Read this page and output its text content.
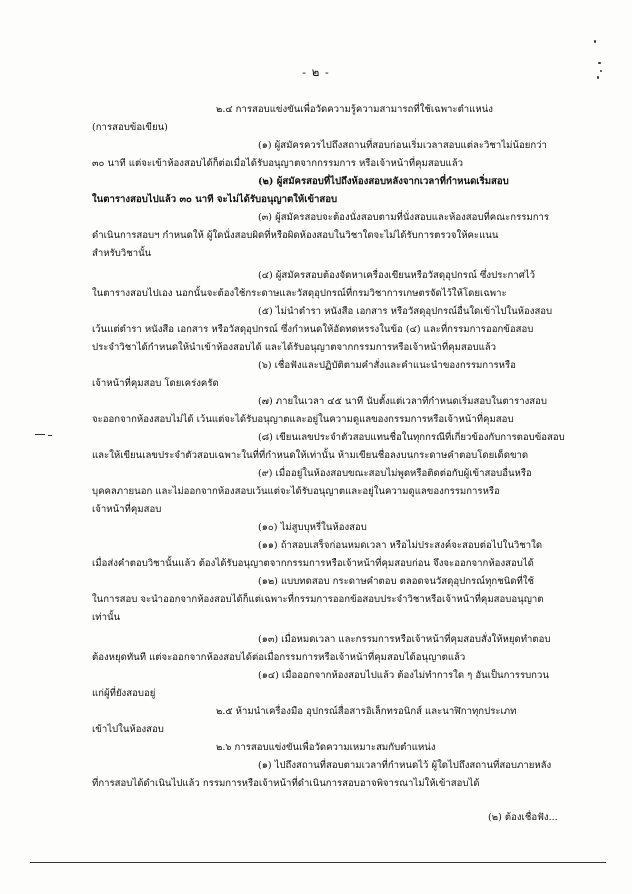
- ๒ -
๒.๔ การสอบแข่งขันเพื่อวัดความรู้ความสามารถที่ใช้เฉพาะตำแหน่ง
(การสอบข้อเขียน)
(๑) ผู้สมัครควรไปถึงสถานที่สอบก่อนเริ่มเวลาสอบแต่ละวิชาไม่น้อยกว่า
๓๐ นาที แต่จะเข้าห้องสอบได้ก็ต่อเมื่อได้รับอนุญาตจากกรรมการ หรือเจ้าหน้าที่คุมสอบแล้ว
(๒) ผู้สมัครสอบที่ไปถึงห้องสอบหลังจากเวลาที่กำหนดเริ่มสอบ
ในตารางสอบไปแล้ว ๓๐ นาที จะไม่ได้รับอนุญาตให้เข้าสอบ
(๓) ผู้สมัครสอบจะต้องนั่งสอบตามที่นั่งสอบและห้องสอบที่คณะกรรมการ
ดำเนินการสอบฯ กำหนดให้ ผู้ใดนั่งสอบผิดที่หรือผิดห้องสอบในวิชาใดจะไม่ได้รับการตรวจให้คะแนน
สำหรับวิชานั้น
(๔) ผู้สมัครสอบต้องจัดหาเครื่องเขียนหรือวัสดุอุปกรณ์ ซึ่งประกาศไว้
ในตารางสอบไปเอง นอกนั้นจะต้องใช้กระดาษและวัสดุอุปกรณ์ที่กรมวิชาการเกษตรจัดไว้ให้โดยเฉพาะ
(๕) ไม่นำตำรา หนังสือ เอกสาร หรือวัสดุอุปกรณ์อื่นใดเข้าไปในห้องสอบ
เว้นแต่ตำรา หนังสือ เอกสาร หรือวัสดุอุปกรณ์ ซึ่งกำหนดให้อัดทดหรรงในข้อ (๔) และที่กรรมการออกข้อสอบ
ประจำวิชาได้กำหนดให้นำเข้าห้องสอบได้ และได้รับอนุญาตจากกรรมการหรือเจ้าหน้าที่คุมสอบแล้ว
(๖) เชื่อฟังและปฏิบัติตามคำสั่งและคำแนะนำของกรรมการหรือ
เจ้าหน้าที่คุมสอบ โดยเคร่งครัด
(๗) ภายในเวลา ๔๕ นาที นับตั้งแต่เวลาที่กำหนดเริ่มสอบในตารางสอบ
จะออกจากห้องสอบไม่ได้ เว้นแต่จะได้รับอนุญาตและอยู่ในความดูแลของกรรมการหรือเจ้าหน้าที่คุมสอบ
(๘) เขียนเลขประจำตัวสอบแทนชื่อในทุกกรณีที่เกี่ยวข้องกับการตอบข้อสอบ
และให้เขียนเลขประจำตัวสอบเฉพาะในที่ที่กำหนดให้เท่านั้น ห้ามเขียนชื่อลงบนกระดาษคำตอบโดยเด็ดขาด
(๙) เมื่ออยู่ในห้องสอบขณะสอบไม่พูดหรือติดต่อกับผู้เข้าสอบอื่นหรือ
บุคคลภายนอก และไม่ออกจากห้องสอบเว้นแต่จะได้รับอนุญาตและอยู่ในความดูแลของกรรมการหรือ
เจ้าหน้าที่คุมสอบ
(๑๐) ไม่สูบบุหรี่ในห้องสอบ
(๑๑) ถ้าสอบเสร็จก่อนหมดเวลา หรือไม่ประสงค์จะสอบต่อไปในวิชาใด
เมื่อส่งคำตอบวิชานั้นแล้ว ต้องได้รับอนุญาตจากกรรมการหรือเจ้าหน้าที่คุมสอบก่อน จึงจะออกจากห้องสอบได้
(๑๒) แบบทดสอบ กระดาษคำตอบ ตลอดจนวัสดุอุปกรณ์ทุกชนิดที่ใช้
ในการสอบ จะนำออกจากห้องสอบได้ก็แต่เฉพาะที่กรรมการออกข้อสอบประจำวิชาหรือเจ้าหน้าที่คุมสอบอนุญาต
เท่านั้น
(๑๓) เมื่อหมดเวลา และกรรมการหรือเจ้าหน้าที่คุมสอบสั่งให้หยุดทำตอบ
ต้องหยุดทันที แต่จะออกจากห้องสอบได้ต่อเมื่อกรรมการหรือเจ้าหน้าที่คุมสอบได้อนุญาตแล้ว
(๑๔) เมื่อออกจากห้องสอบไปแล้ว ต้องไม่ทำการใด ๆ อันเป็นการรบกวน
แก่ผู้ที่ยังสอบอยู่
๒.๕ ห้ามนำเครื่องมือ อุปกรณ์สื่อสารอิเล็กทรอนิกส์ และนาฬิกาทุกประเภท
เข้าไปในห้องสอบ
๒.๖ การสอบแข่งขันเพื่อวัดความเหมาะสมกับตำแหน่ง
(๑) ไปถึงสถานที่สอบตามเวลาที่กำหนดไว้ ผู้ใดไปถึงสถานที่สอบภายหลัง
ที่การสอบได้ดำเนินไปแล้ว กรรมการหรือเจ้าหน้าที่ดำเนินการสอบอาจพิจารณาไม่ให้เข้าสอบได้
(๒) ต้องเชื่อฟัง...
